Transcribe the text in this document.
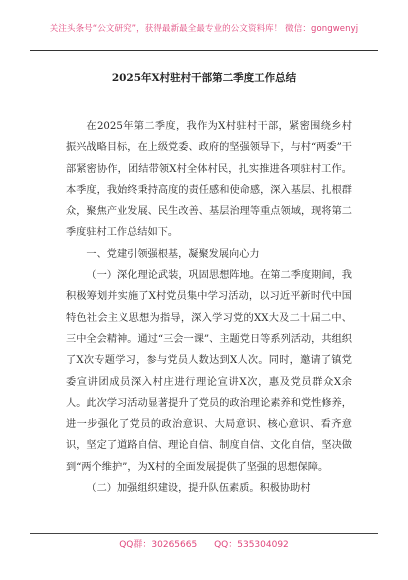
关注头条号“公文研究”，获得最新最全最专业的公文资料库！ 微信：gongwenyj
2025年X村驻村干部第二季度工作总结

在2025年第二季度，我作为X村驻村干部，紧密围绕乡村振兴战略目标，在上级党委、政府的坚强领导下，与村“两委”干部紧密协作，团结带领X村全体村民，扎实推进各项驻村工作。本季度，我始终秉持高度的责任感和使命感，深入基层、扎根群众，聚焦产业发展、民生改善、基层治理等重点领域，现将第二季度驻村工作总结如下。

一、党建引领强根基，凝聚发展向心力

（一）深化理论武装，巩固思想阵地。在第二季度期间，我积极筹划并实施了X村党员集中学习活动，以习近平新时代中国特色社会主义思想为指导，深入学习党的XX大及二十届二中、三中全会精神。通过“三会一课”、主题党日等系列活动，共组织了X次专题学习，参与党员人数达到X人次。同时，邀请了镇党委宣讲团成员深入村庄进行理论宣讲X次，惠及党员群众X余人。此次学习活动显著提升了党员的政治理论素养和党性修养，进一步强化了党员的政治意识、大局意识、核心意识、看齐意识，坚定了道路自信、理论自信、制度自信、文化自信，坚决做到“两个维护”，为X村的全面发展提供了坚强的思想保障。

（二）加强组织建设，提升队伍素质。积极协助村

QQ群：30265665 QQ：535304092
